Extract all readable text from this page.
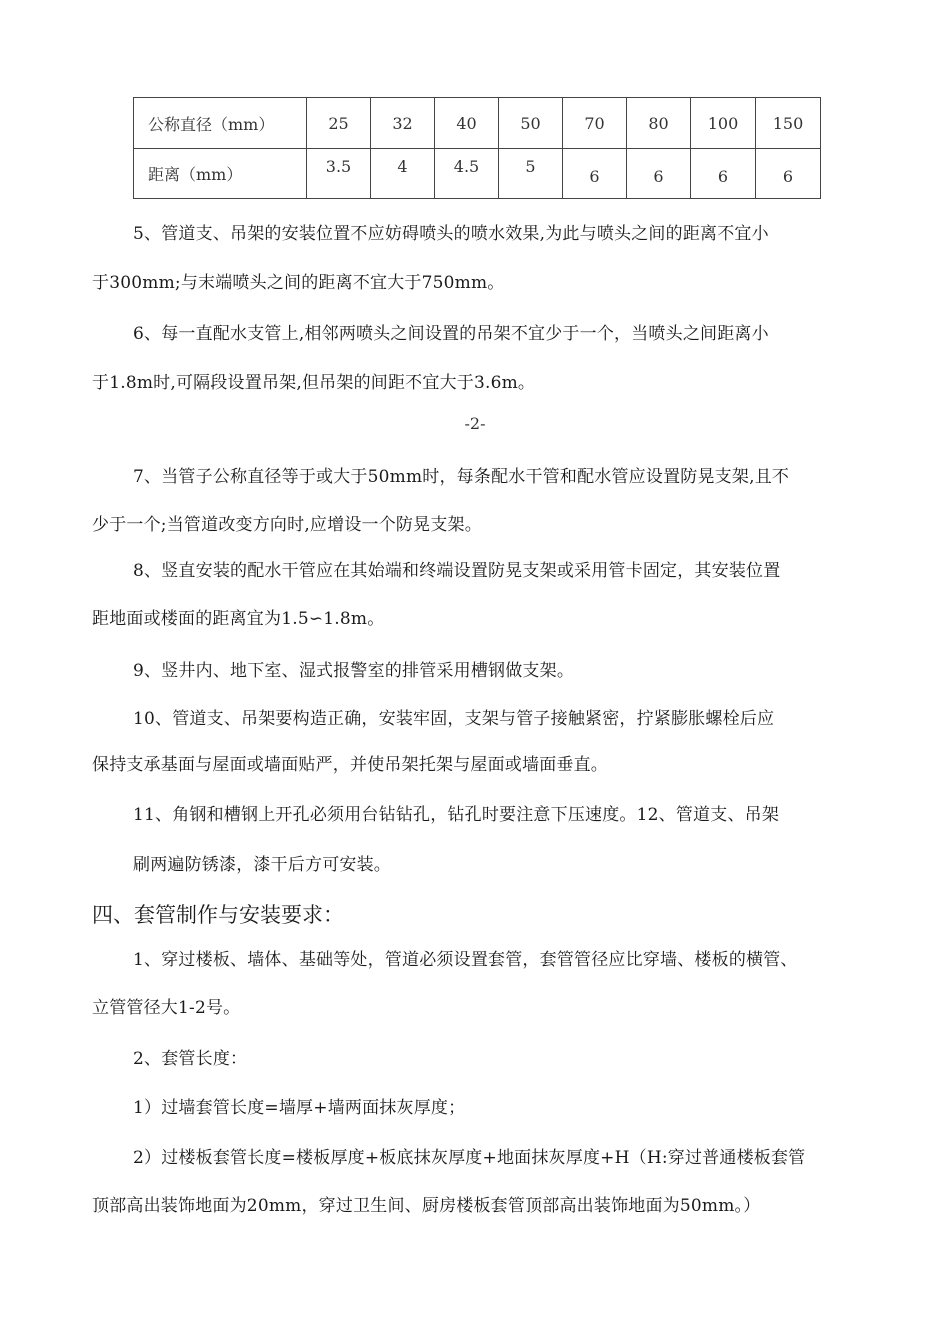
公称直径（mm）	25	32	40	50	70	80	100	150
距离（mm）	3.5	4	4.5	5	6	6	6	6
5、管道支、吊架的安装位置不应妨碍喷头的喷水效果,为此与喷头之间的距离不宜小
于300mm;与末端喷头之间的距离不宜大于750mm。
6、每一直配水支管上,相邻两喷头之间设置的吊架不宜少于一个，当喷头之间距离小
于1.8m时,可隔段设置吊架,但吊架的间距不宜大于3.6m。
-2-
7、当管子公称直径等于或大于50mm时，每条配水干管和配水管应设置防晃支架,且不
少于一个;当管道改变方向时,应增设一个防晃支架。
8、竖直安装的配水干管应在其始端和终端设置防晃支架或采用管卡固定，其安装位置
距地面或楼面的距离宜为1.5∽1.8m。
9、竖井内、地下室、湿式报警室的排管采用槽钢做支架。
10、管道支、吊架要构造正确，安装牢固，支架与管子接触紧密，拧紧膨胀螺栓后应
保持支承基面与屋面或墙面贴严，并使吊架托架与屋面或墙面垂直。
11、角钢和槽钢上开孔必须用台钻钻孔，钻孔时要注意下压速度。12、管道支、吊架
刷两遍防锈漆，漆干后方可安装。
四、套管制作与安装要求：
1、穿过楼板、墙体、基础等处，管道必须设置套管，套管管径应比穿墙、楼板的横管、
立管管径大1-2号。
2、套管长度：
1）过墙套管长度=墙厚+墙两面抹灰厚度；
2）过楼板套管长度=楼板厚度+板底抹灰厚度+地面抹灰厚度+H（H:穿过普通楼板套管
顶部高出装饰地面为20mm，穿过卫生间、厨房楼板套管顶部高出装饰地面为50mm。）
